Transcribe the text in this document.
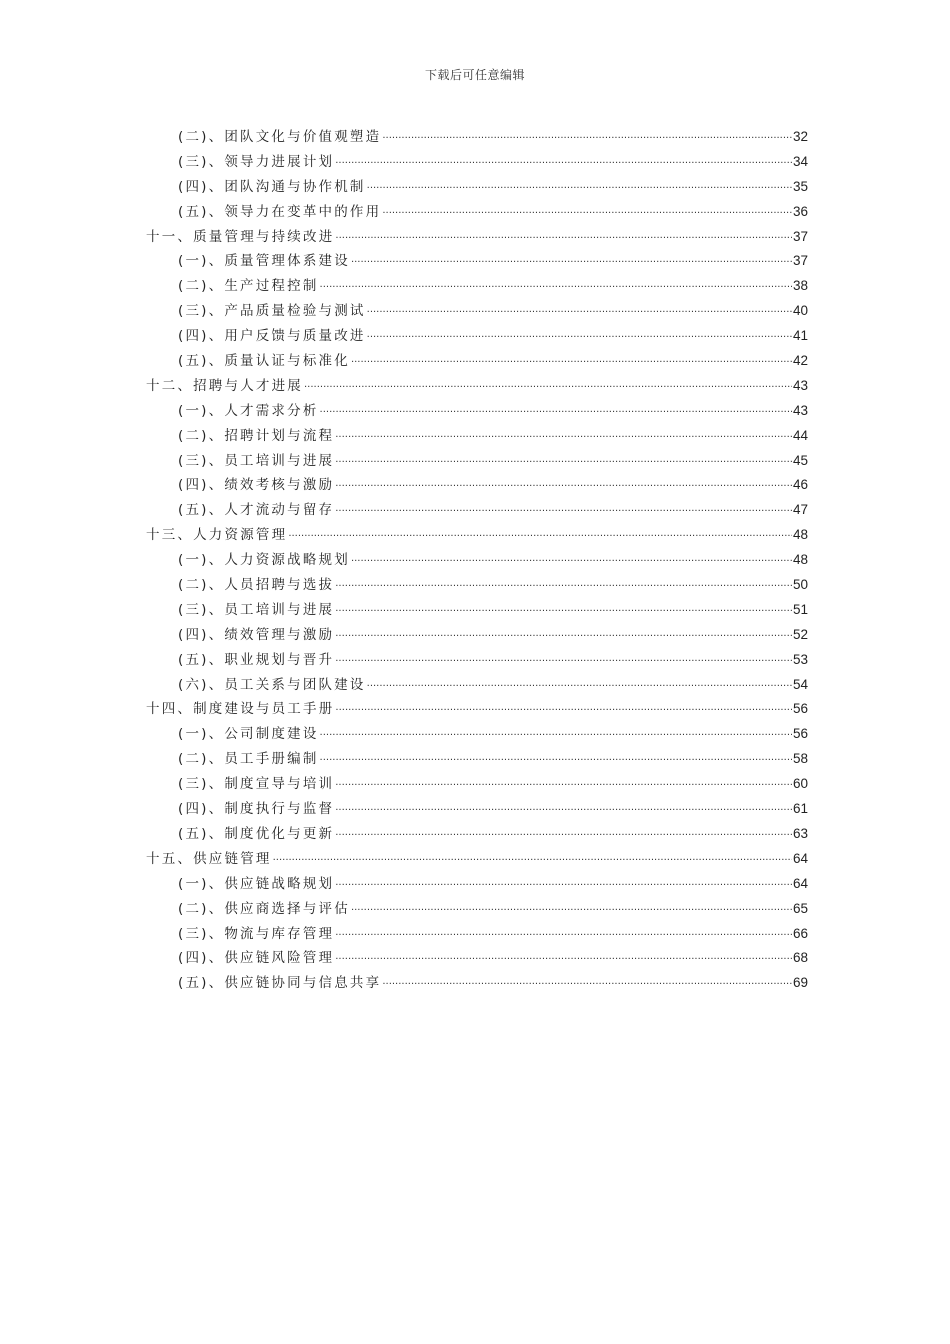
下载后可任意编辑
(二)、团队文化与价值观塑造 .....	32
(三)、领导力进展计划 .....	34
(四)、团队沟通与协作机制 .....	35
(五)、领导力在变革中的作用 .....	36
十一、质量管理与持续改进 .....	37
(一)、质量管理体系建设 .....	37
(二)、生产过程控制 .....	38
(三)、产品质量检验与测试 .....	40
(四)、用户反馈与质量改进 .....	41
(五)、质量认证与标准化 .....	42
十二、招聘与人才进展 .....	43
(一)、人才需求分析 .....	43
(二)、招聘计划与流程 .....	44
(三)、员工培训与进展 .....	45
(四)、绩效考核与激励 .....	46
(五)、人才流动与留存 .....	47
十三、人力资源管理 .....	48
(一)、人力资源战略规划 .....	48
(二)、人员招聘与选拔 .....	50
(三)、员工培训与进展 .....	51
(四)、绩效管理与激励 .....	52
(五)、职业规划与晋升 .....	53
(六)、员工关系与团队建设 .....	54
十四、制度建设与员工手册 .....	56
(一)、公司制度建设 .....	56
(二)、员工手册编制 .....	58
(三)、制度宣导与培训 .....	60
(四)、制度执行与监督 .....	61
(五)、制度优化与更新 .....	63
十五、供应链管理 .....	64
(一)、供应链战略规划 .....	64
(二)、供应商选择与评估 .....	65
(三)、物流与库存管理 .....	66
(四)、供应链风险管理 .....	68
(五)、供应链协同与信息共享 .....	69
